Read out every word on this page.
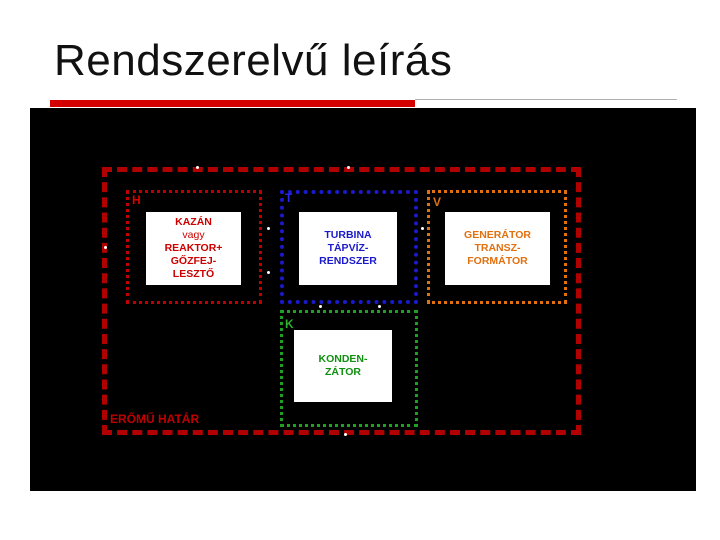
Rendszerelvű leírás
ERŐMŰ HATÁR
H
KAZÁN
vagy
REAKTOR+
GŐZFEJ-
LESZTŐ
T
TURBINA
TÁPVÍZ-
RENDSZER
V
GENERÁTOR
TRANSZ-
FORMÁTOR
K
KONDEN-
ZÁTOR
